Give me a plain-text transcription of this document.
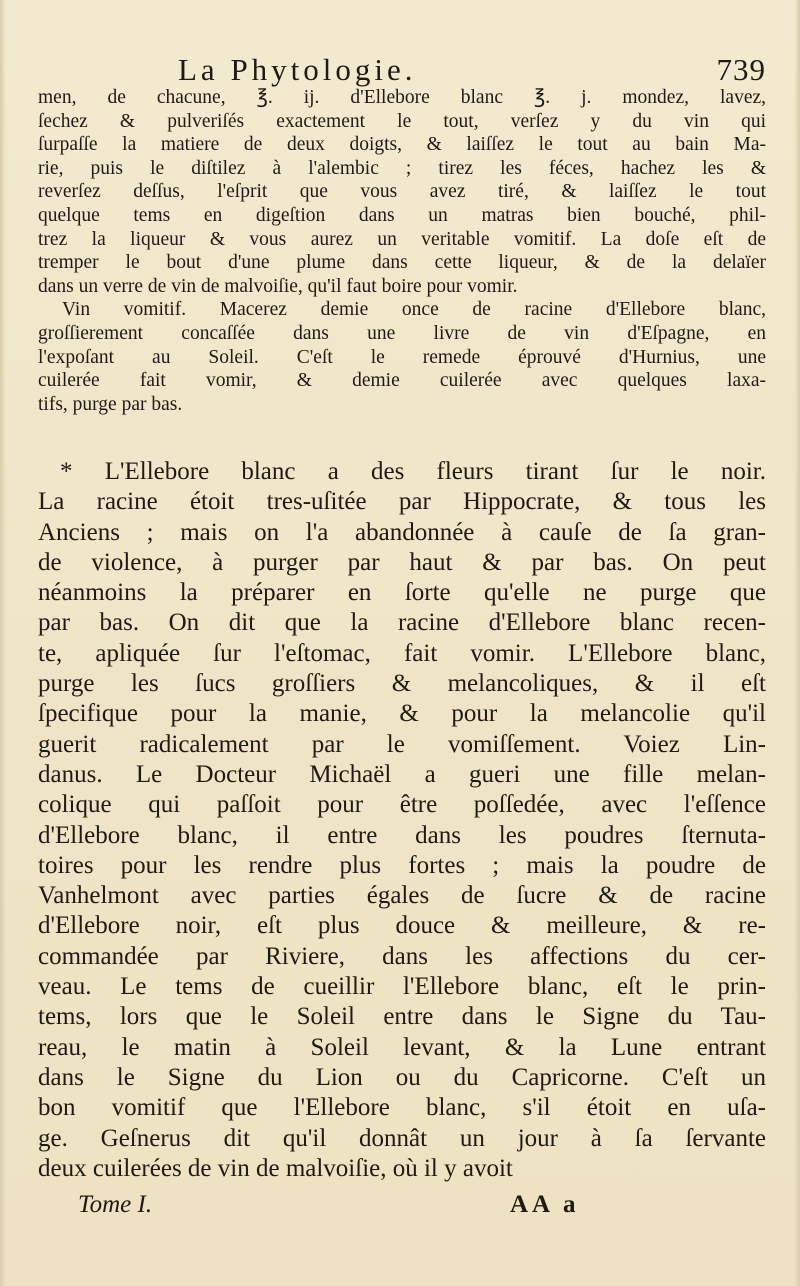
La Phytologie.	739
men, de chacune, ℥. ij. d'Ellebore blanc ℥. j. mondez, lavez,
ſechez & pulveriſés exactement le tout, verſez y du vin qui
ſurpaſſe la matiere de deux doigts, & laiſſez le tout au bain Ma-
rie, puis le diſtilez à l'alembic ; tirez les féces, hachez les &
reverſez deſſus, l'eſprit que vous avez tiré, & laiſſez le tout
quelque tems en digeſtion dans un matras bien bouché, phil-
trez la liqueur & vous aurez un veritable vomitif. La doſe eſt de
tremper le bout d'une plume dans cette liqueur, & de la delaïer
dans un verre de vin de malvoiſie, qu'il faut boire pour vomir.
Vin vomitif. Macerez demie once de racine d'Ellebore blanc,
groſſierement concaſſée dans une livre de vin d'Eſpagne, en
l'expoſant au Soleil. C'eſt le remede éprouvé d'Hurnius, une
cuilerée fait vomir, & demie cuilerée avec quelques laxa-
tifs, purge par bas.
* L'Ellebore blanc a des fleurs tirant ſur le noir.
La racine étoit tres-uſitée par Hippocrate, & tous les
Anciens ; mais on l'a abandonnée à cauſe de ſa gran-
de violence, à purger par haut & par bas. On peut
néanmoins la préparer en ſorte qu'elle ne purge que
par bas. On dit que la racine d'Ellebore blanc recen-
te, apliquée ſur l'eſtomac, fait vomir. L'Ellebore blanc,
purge les ſucs groſſiers & melancoliques, & il eſt
ſpecifique pour la manie, & pour la melancolie qu'il
guerit radicalement par le vomiſſement. Voiez Lin-
danus. Le Docteur Michaël a gueri une fille melan-
colique qui paſſoit pour être poſſedée, avec l'eſſence
d'Ellebore blanc, il entre dans les poudres ſternuta-
toires pour les rendre plus fortes ; mais la poudre de
Vanhelmont avec parties égales de ſucre & de racine
d'Ellebore noir, eſt plus douce & meilleure, & re-
commandée par Riviere, dans les affections du cer-
veau. Le tems de cueillir l'Ellebore blanc, eſt le prin-
tems, lors que le Soleil entre dans le Signe du Tau-
reau, le matin à Soleil levant, & la Lune entrant
dans le Signe du Lion ou du Capricorne. C'eſt un
bon vomitif que l'Ellebore blanc, s'il étoit en uſa-
ge. Geſnerus dit qu'il donnât un jour à ſa ſervante
deux cuilerées de vin de malvoiſie, où il y avoit
Tome I.	AA a
